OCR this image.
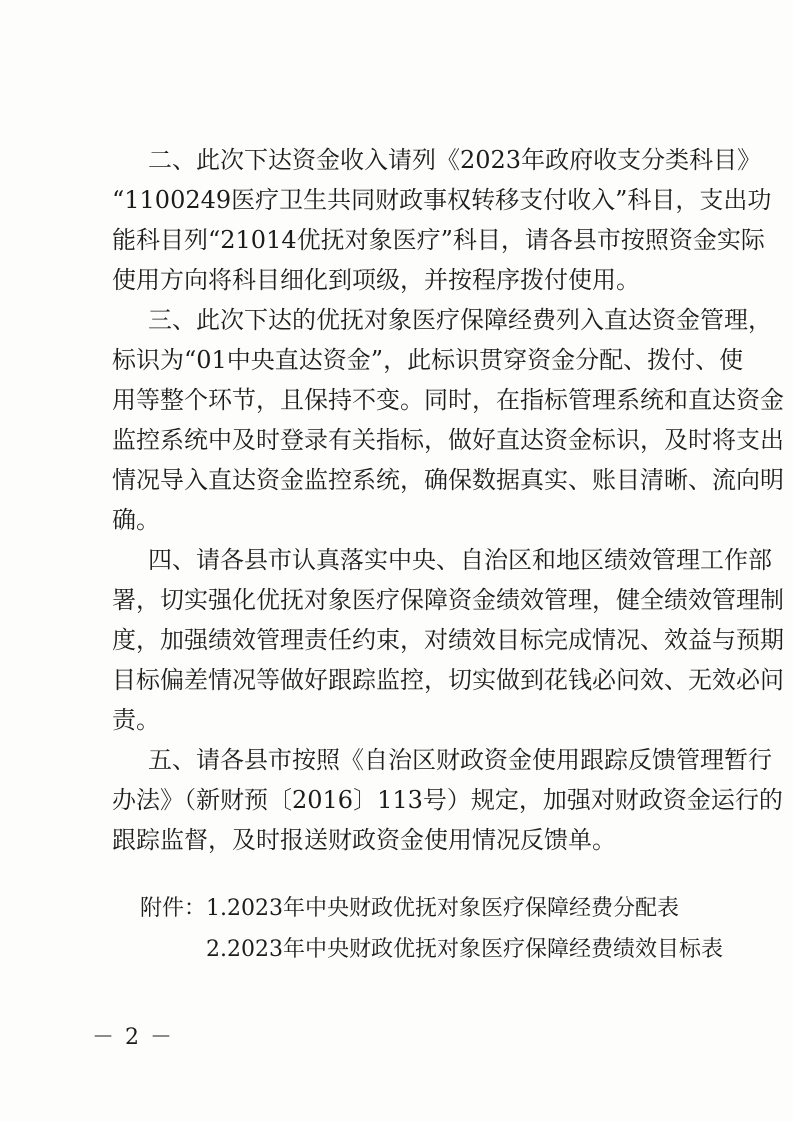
二、此次下达资金收入请列《2023年政府收支分类科目》
“1100249医疗卫生共同财政事权转移支付收入”科目，支出功
能科目列“21014优抚对象医疗”科目，请各县市按照资金实际
使用方向将科目细化到项级，并按程序拨付使用。
三、此次下达的优抚对象医疗保障经费列入直达资金管理，
标识为“01中央直达资金”，此标识贯穿资金分配、拨付、使
用等整个环节，且保持不变。同时，在指标管理系统和直达资金
监控系统中及时登录有关指标，做好直达资金标识，及时将支出
情况导入直达资金监控系统，确保数据真实、账目清晰、流向明
确。
四、请各县市认真落实中央、自治区和地区绩效管理工作部
署，切实强化优抚对象医疗保障资金绩效管理，健全绩效管理制
度，加强绩效管理责任约束，对绩效目标完成情况、效益与预期
目标偏差情况等做好跟踪监控，切实做到花钱必问效、无效必问
责。
五、请各县市按照《自治区财政资金使用跟踪反馈管理暂行
办法》（新财预〔2016〕113号）规定，加强对财政资金运行的
跟踪监督，及时报送财政资金使用情况反馈单。
附件： 1.2023年中央财政优抚对象医疗保障经费分配表
2.2023年中央财政优抚对象医疗保障经费绩效目标表
－ 2 －
